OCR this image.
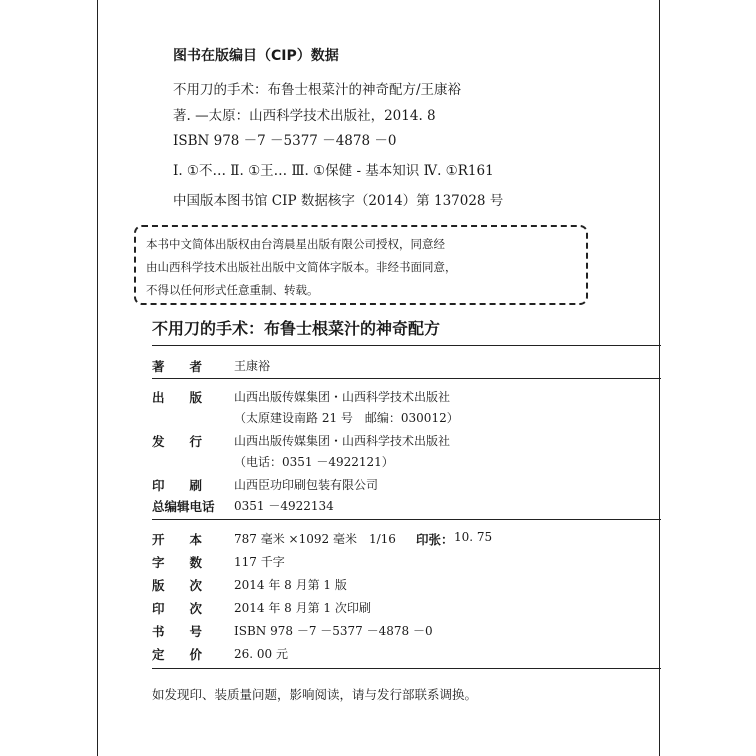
图书在版编目（CIP）数据
不用刀的手术：布鲁士根菜汁的神奇配方/王康裕
著. —太原：山西科学技术出版社，2014. 8
ISBN 978 －7 －5377 －4878 －0
Ⅰ. ①不… Ⅱ. ①王… Ⅲ. ①保健 - 基本知识 Ⅳ. ①R161
中国版本图书馆 CIP 数据核字（2014）第 137028 号
本书中文简体出版权由台湾晨星出版有限公司授权，同意经
由山西科学技术出版社出版中文简体字版本。非经书面同意，
不得以任何形式任意重制、转载。
不用刀的手术：布鲁士根菜汁的神奇配方
著　　者	王康裕
出　　版	山西出版传媒集团・山西科学技术出版社
（太原建设南路 21 号　邮编：030012）
发　　行	山西出版传媒集团・山西科学技术出版社
（电话：0351 －4922121）
印　　刷	山西臣功印刷包装有限公司
总编辑电话 0351 －4922134
开　　本	787 毫米 ×1092 毫米　1/16 印张： 10. 75
字　　数	117 千字
版　　次	2014 年 8 月第 1 版
印　　次	2014 年 8 月第 1 次印刷
书　　号	ISBN 978 －7 －5377 －4878 －0
定　　价	26. 00 元
如发现印、装质量问题，影响阅读，请与发行部联系调换。
